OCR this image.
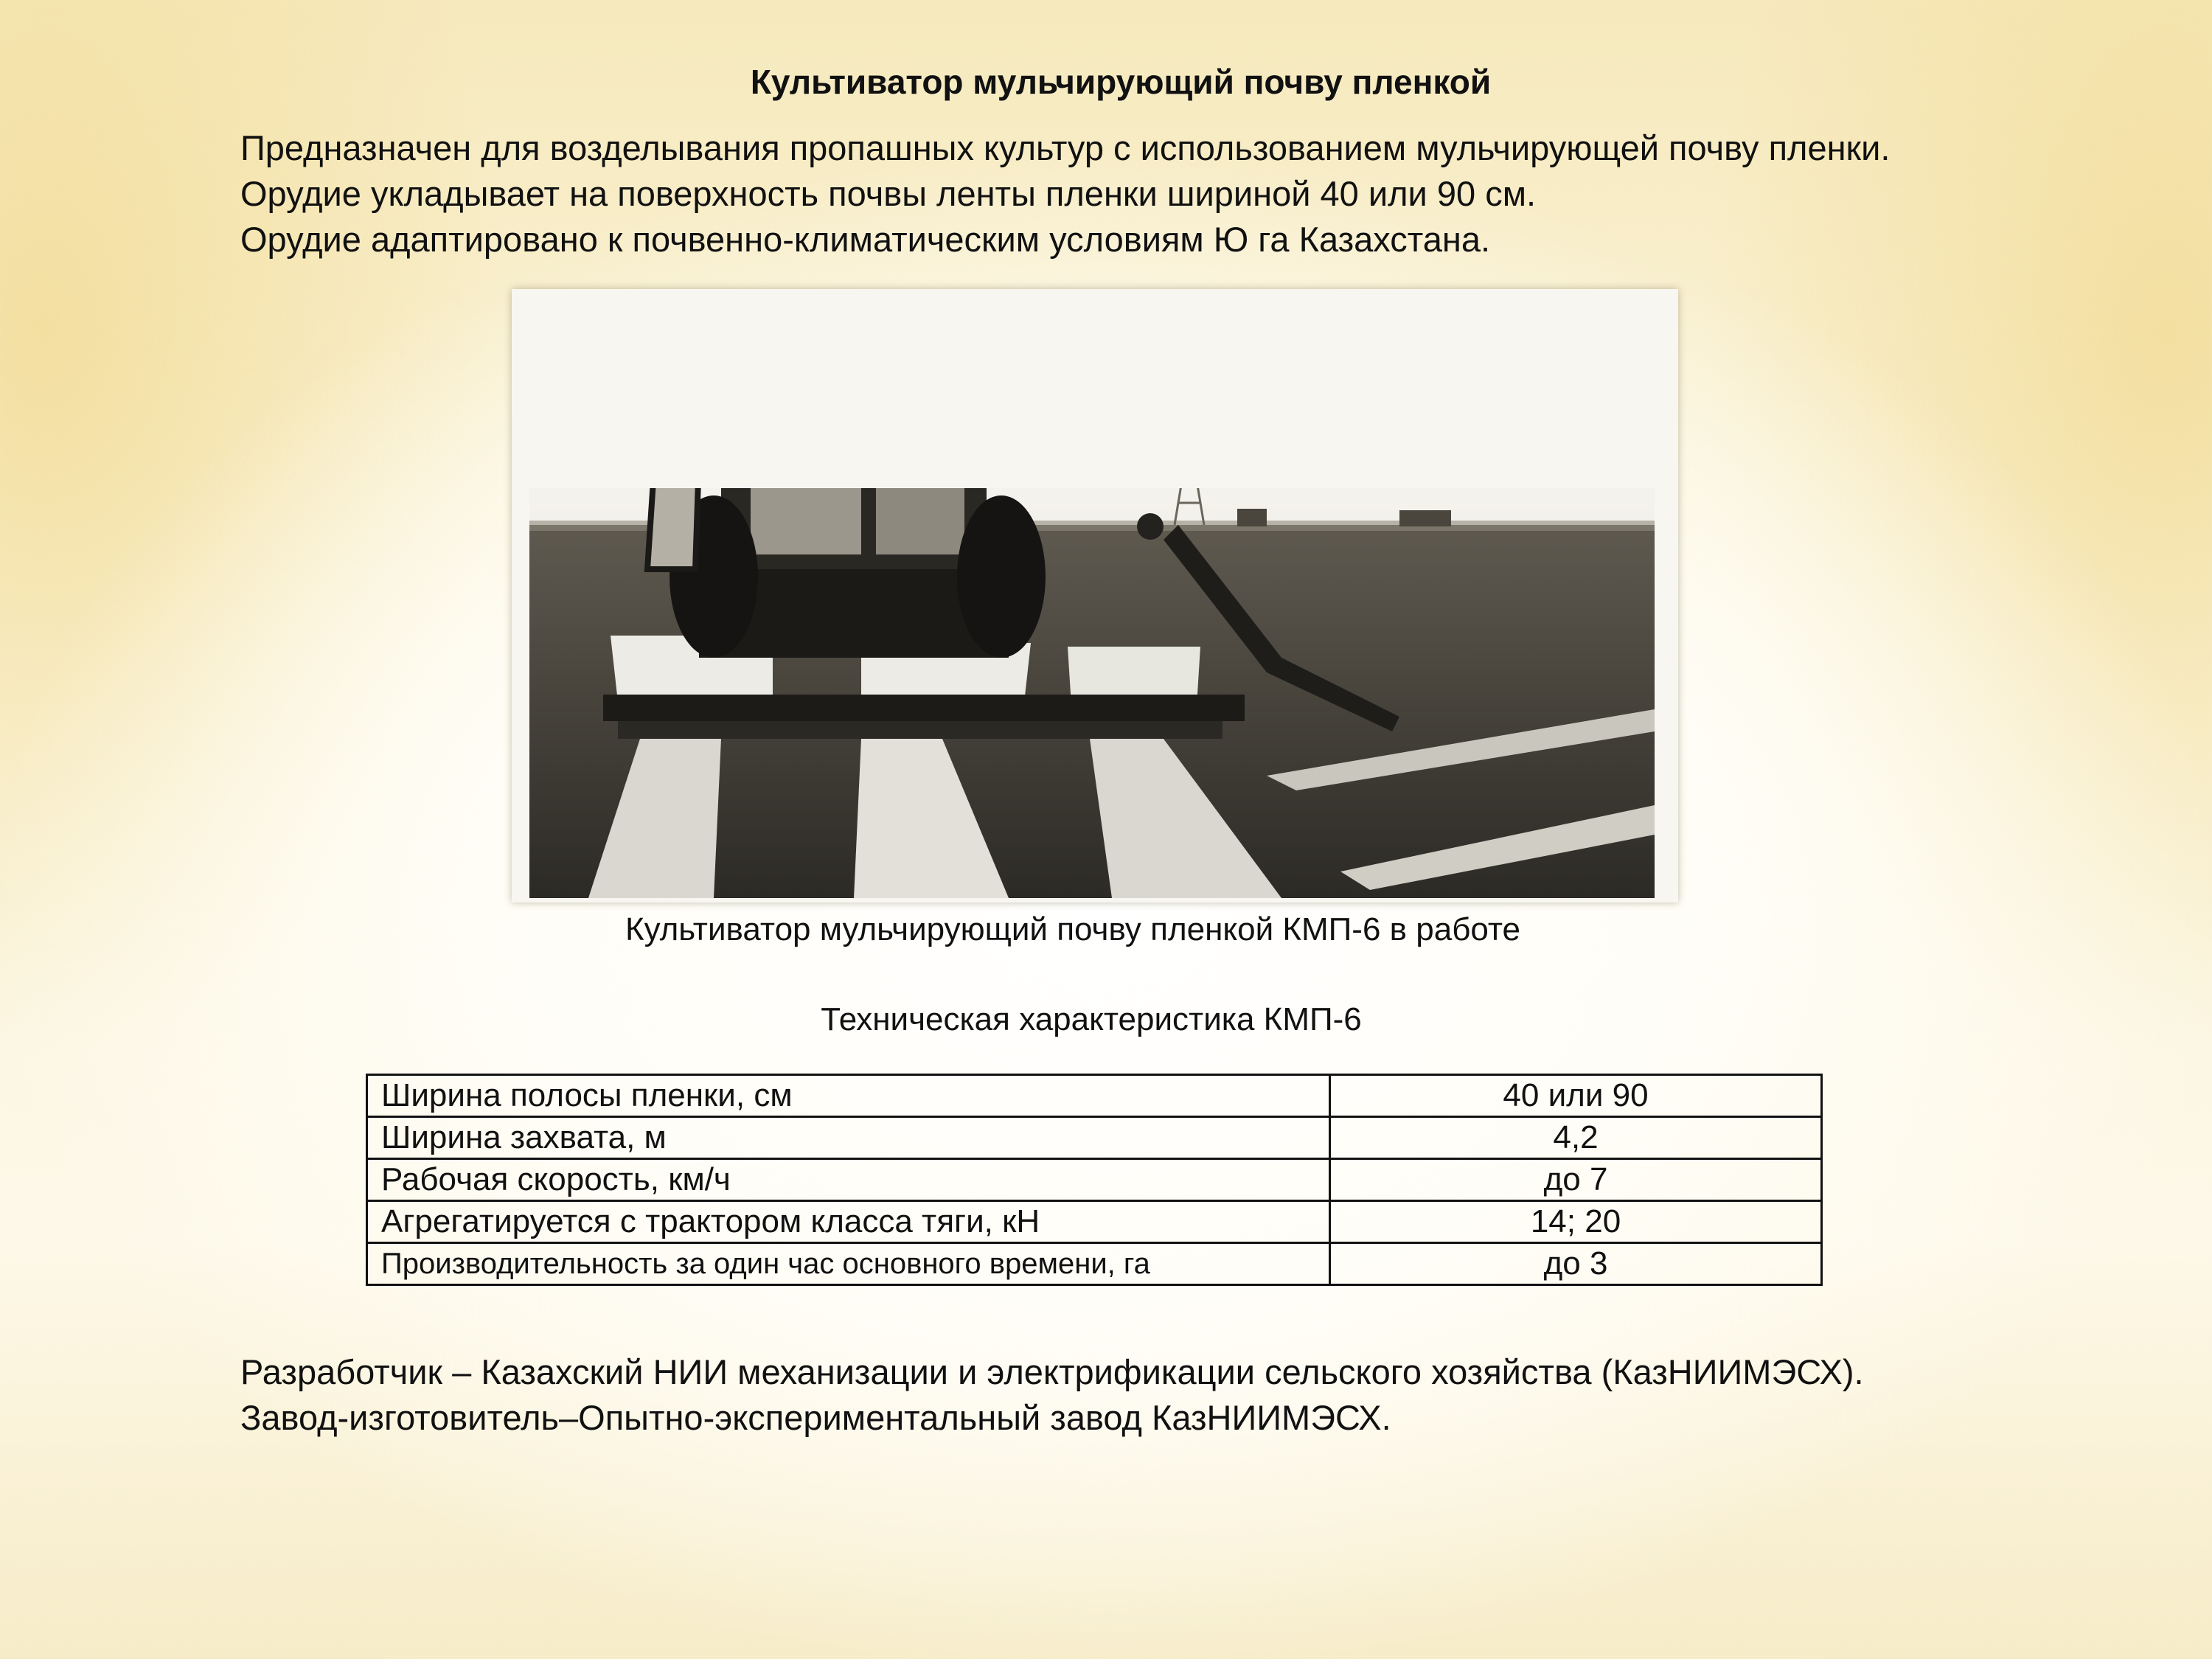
Культиватор мульчирующий почву пленкой

Предназначен для возделывания пропашных культур с использованием мульчирующей почву пленки.

Орудие укладывает на поверхность почвы ленты пленки шириной 40 или 90 см.

Орудие адаптировано к почвенно-климатическим условиям Ю га Казахстана.

Культиватор мульчирующий почву пленкой КМП-6 в работе
Техническая характеристика КМП-6
Ширина полосы пленки, см	40 или 90
Ширина захвата, м	4,2
Рабочая скорость, км/ч	до 7
Агрегатируется с трактором класса тяги, кН	14; 20
Производительность за один час основного времени, га	до 3

Разработчик – Казахский НИИ механизации и электрификации сельского хозяйства (КазНИИМЭСХ).

Завод-изготовитель–Опытно-экспериментальный завод КазНИИМЭСХ.
